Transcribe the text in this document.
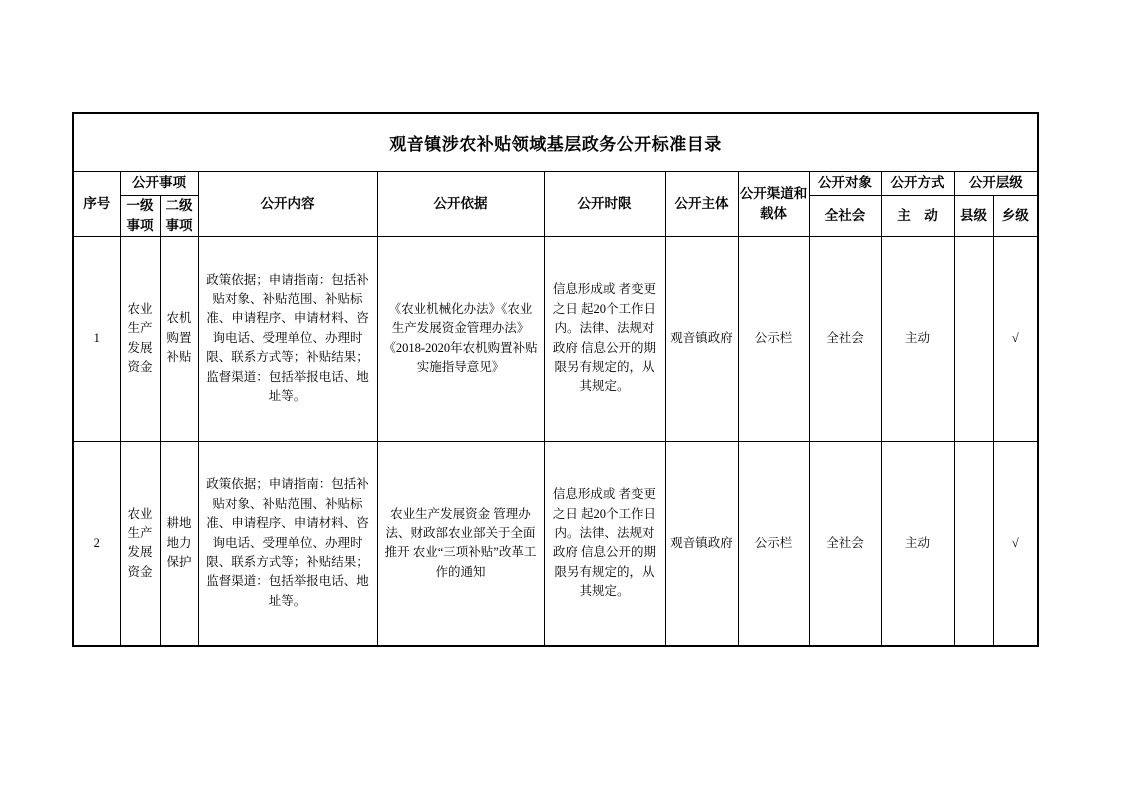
观音镇涉农补贴领域基层政务公开标准目录											
序号	公开事项		公开内容	公开依据	公开时限	公开主体	公开渠道和载体	公开对象	公开方式	公开层级	
	一级事项	二级事项						全社会	主　动	县级	乡级
1	农业生产发展资金	农机购置补贴	政策依据；申请指南：包括补贴对象、补贴范围、补贴标准、申请程序、申请材料、咨询电话、受理单位、办理时限、联系方式等；补贴结果；监督渠道：包括举报电话、地址等。	《农业机械化办法》《农业生产发展资金管理办法》《2018-2020年农机购置补贴实施指导意见》	信息形成或 者变更之日 起20个工作日内。法律、法规对政府 信息公开的期限另有规定的，从其规定。	观音镇政府	公示栏	全社会	主动		√
2	农业生产发展资金	耕地地力保护	政策依据；申请指南：包括补贴对象、补贴范围、补贴标准、申请程序、申请材料、咨询电话、受理单位、办理时限、联系方式等；补贴结果；监督渠道：包括举报电话、地址等。	农业生产发展资金 管理办法、财政部农业部关于全面推开 农业“三项补贴”改革工作的通知	信息形成或 者变更之日 起20个工作日内。法律、法规对政府 信息公开的期限另有规定的，从其规定。	观音镇政府	公示栏	全社会	主动		√
